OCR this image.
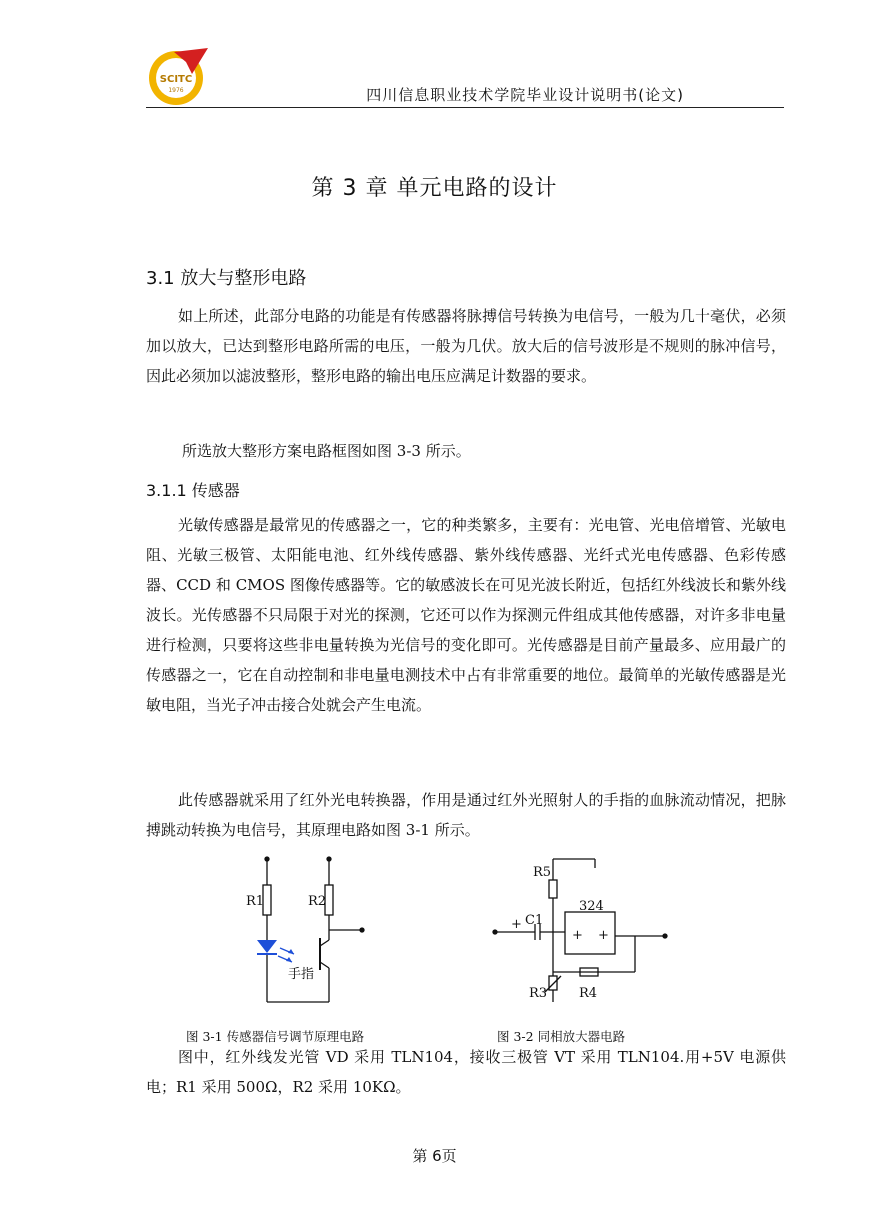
SCITC
1976	四川信息职业技术学院毕业设计说明书(论文)
第 3 章 单元电路的设计
3.1 放大与整形电路
如上所述，此部分电路的功能是有传感器将脉搏信号转换为电信号，一般为几十毫伏，必须加以放大，已达到整形电路所需的电压，一般为几伏。放大后的信号波形是不规则的脉冲信号，因此必须加以滤波整形，整形电路的输出电压应满足计数器的要求。
所选放大整形方案电路框图如图 3-3 所示。
3.1.1 传感器
光敏传感器是最常见的传感器之一，它的种类繁多，主要有：光电管、光电倍增管、光敏电阻、光敏三极管、太阳能电池、红外线传感器、紫外线传感器、光纤式光电传感器、色彩传感器、CCD 和 CMOS 图像传感器等。它的敏感波长在可见光波长附近，包括红外线波长和紫外线波长。光传感器不只局限于对光的探测，它还可以作为探测元件组成其他传感器，对许多非电量进行检测，只要将这些非电量转换为光信号的变化即可。光传感器是目前产量最多、应用最广的传感器之一，它在自动控制和非电量电测技术中占有非常重要的地位。最简单的光敏传感器是光敏电阻，当光子冲击接合处就会产生电流。
此传感器就采用了红外光电转换器，作用是通过红外光照射人的手指的血脉流动情况，把脉搏跳动转换为电信号，其原理电路如图 3-1 所示。
R1	R2
手指
R5
+ C1
324
+ +
R3 R4
图 3-1 传感器信号调节原理电路	图 3-2 同相放大器电路
图中，红外线发光管 VD 采用 TLN104，接收三极管 VT 采用 TLN104.用+5V 电源供电；R1 采用 500Ω，R2 采用 10KΩ。
第 6页
